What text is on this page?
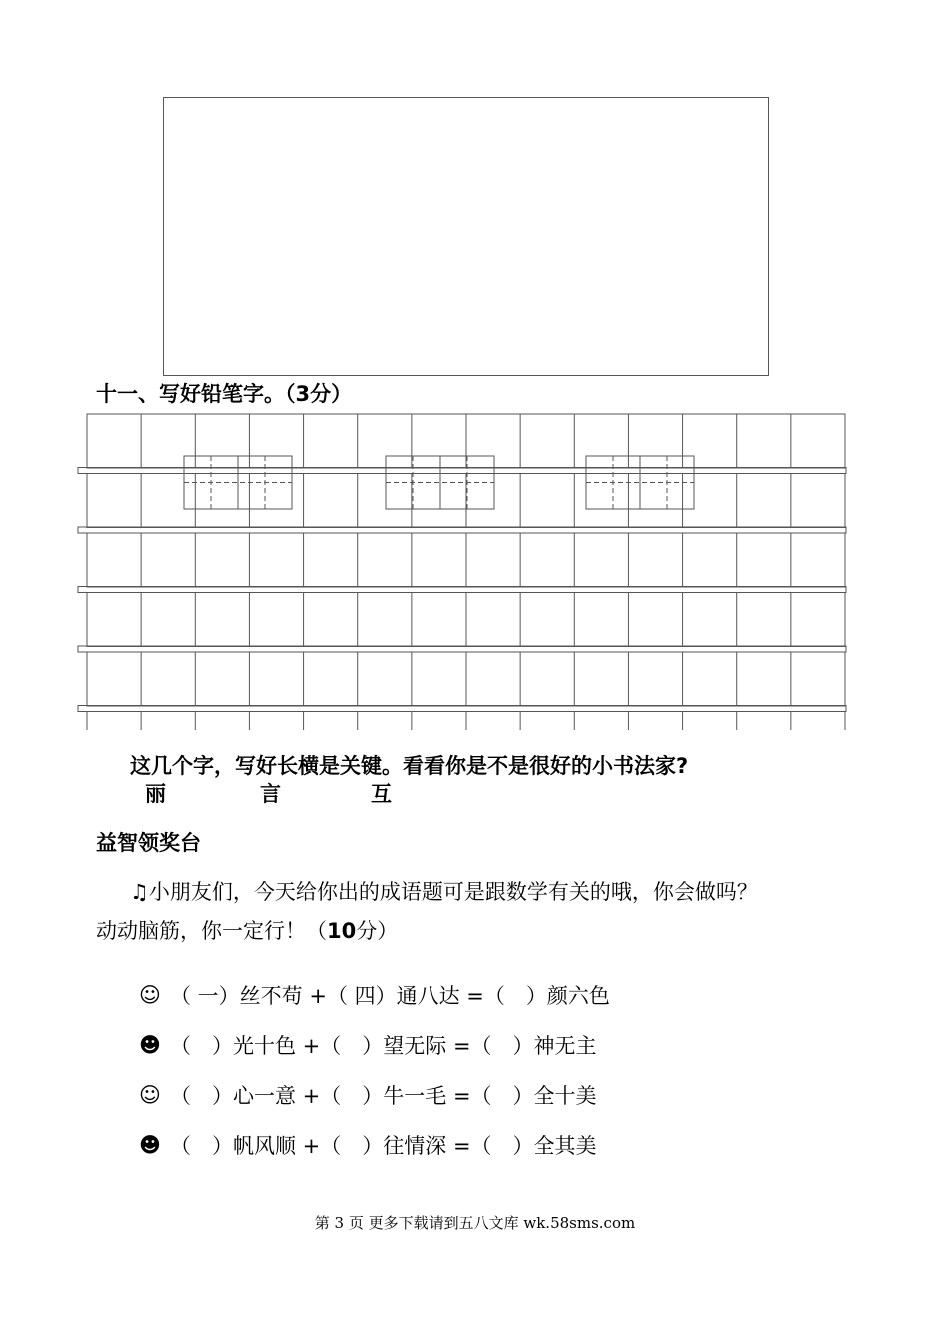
十一、写好铅笔字。（3分）
这几个字，写好长横是关键。看看你是不是很好的小书法家?
丽	言	互
益智领奖台
♫小朋友们，今天给你出的成语题可是跟数学有关的哦，你会做吗？
动动脑筋，你一定行！（10分）
☺ （ 一）丝不苟 +（ 四）通八达 =（　）颜六色
☻ （　）光十色 +（　）望无际 =（　）神无主
☺ （　）心一意 +（　）牛一毛 =（　）全十美
☻ （　）帆风顺 +（　）往情深 =（　）全其美
第 3 页 更多下载请到五八文库 wk.58sms.com
